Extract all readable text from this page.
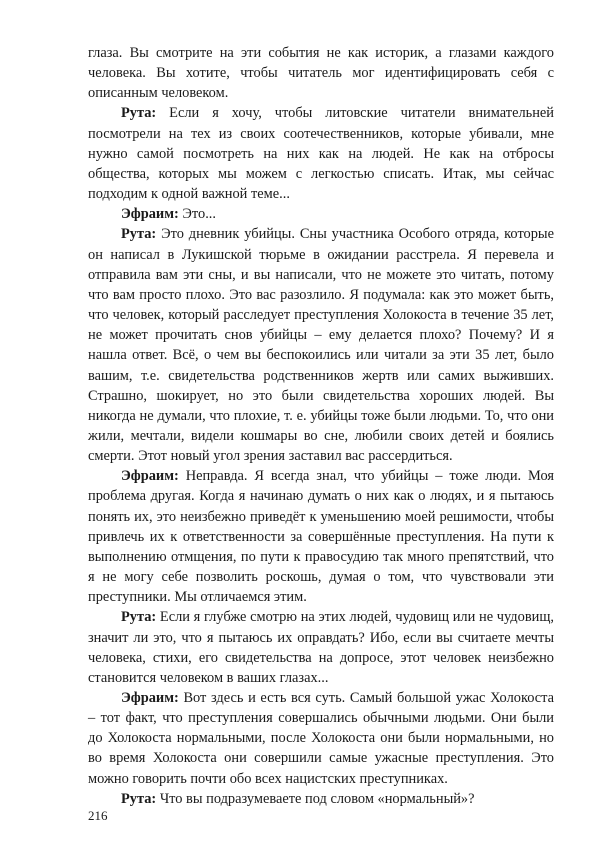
глаза. Вы смотрите на эти события не как историк, а глазами каждого человека. Вы хотите, чтобы читатель мог идентифицировать себя с описанным человеком.

Рута: Если я хочу, чтобы литовские читатели внимательней посмотрели на тех из своих соотечественников, которые убивали, мне нужно самой посмотреть на них как на людей. Не как на отбросы общества, которых мы можем с легкостью списать. Итак, мы сейчас подходим к одной важной теме...

Эфраим: Это...

Рута: Это дневник убийцы. Сны участника Особого отряда, которые он написал в Лукишской тюрьме в ожидании расстрела. Я перевела и отправила вам эти сны, и вы написали, что не можете это читать, потому что вам просто плохо. Это вас разозлило. Я подумала: как это может быть, что человек, который расследует преступления Холокоста в течение 35 лет, не может прочитать снов убийцы – ему делается плохо? Почему? И я нашла ответ. Всё, о чем вы беспокоились или читали за эти 35 лет, было вашим, т.е. свидетельства родственников жертв или самих выживших. Страшно, шокирует, но это были свидетельства хороших людей. Вы никогда не думали, что плохие, т. е. убийцы тоже были людьми. То, что они жили, мечтали, видели кошмары во сне, любили своих детей и боялись смерти. Этот новый угол зрения заставил вас рассердиться.

Эфраим: Неправда. Я всегда знал, что убийцы – тоже люди. Моя проблема другая. Когда я начинаю думать о них как о людях, и я пытаюсь понять их, это неизбежно приведёт к уменьшению моей решимости, чтобы привлечь их к ответственности за совершённые преступления. На пути к выполнению отмщения, по пути к правосудию так много препятствий, что я не могу себе позволить роскошь, думая о том, что чувствовали эти преступники. Мы отличаемся этим.

Рута: Если я глубже смотрю на этих людей, чудовищ или не чудовищ, значит ли это, что я пытаюсь их оправдать? Ибо, если вы считаете мечты человека, стихи, его свидетельства на допросе, этот человек неизбежно становится человеком в ваших глазах...

Эфраим: Вот здесь и есть вся суть. Самый большой ужас Холокоста – тот факт, что преступления совершались обычными людьми. Они были до Холокоста нормальными, после Холокоста они были нормальными, но во время Холокоста они совершили самые ужасные преступления. Это можно говорить почти обо всех нацистских преступниках.

Рута: Что вы подразумеваете под словом «нормальный»?

216
